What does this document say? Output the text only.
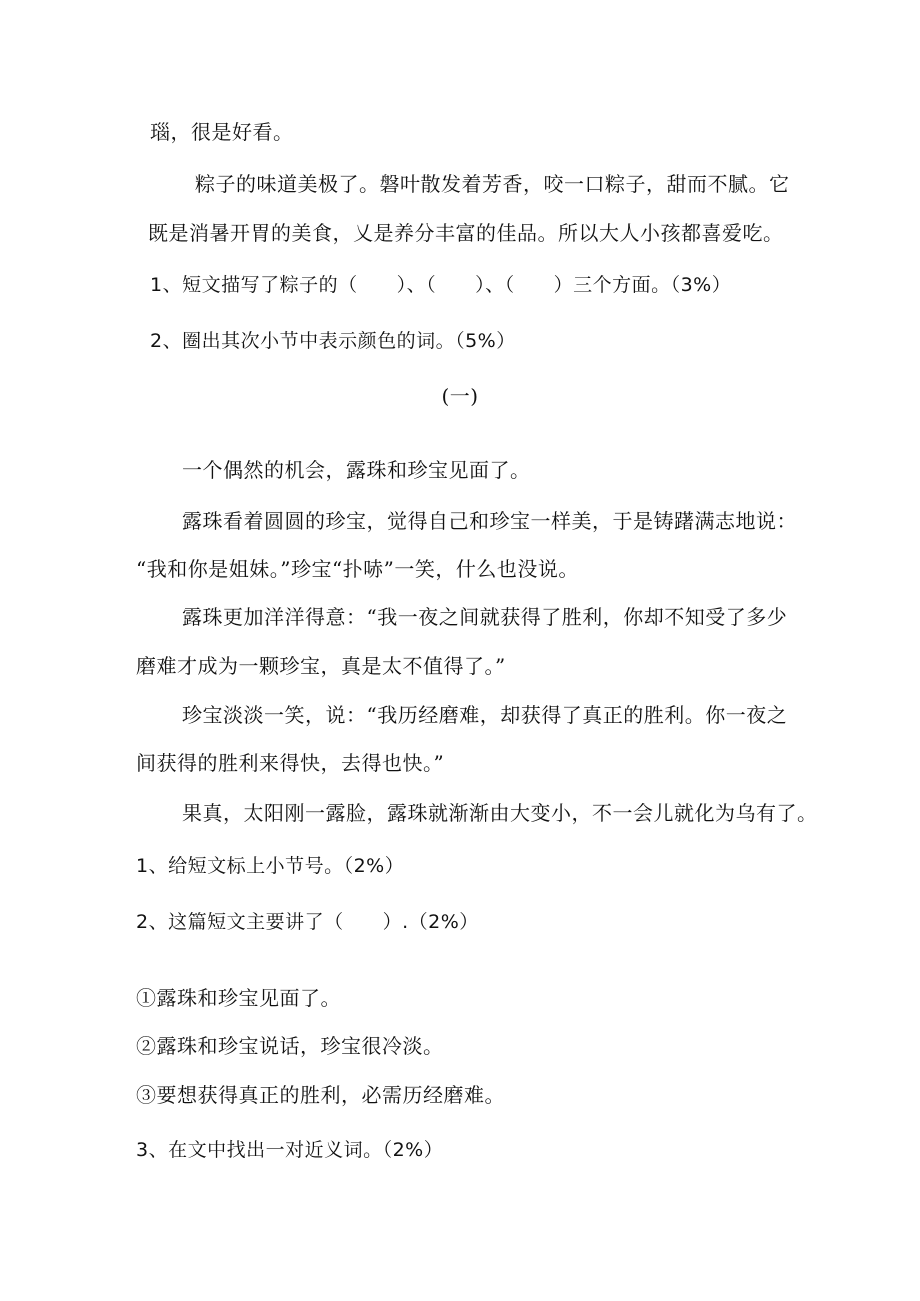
瑙，很是好看。
粽子的味道美极了。磐叶散发着芳香，咬一口粽子，甜而不腻。它
既是消暑开胃的美食，乂是养分丰富的佳品。所以大人小孩都喜爱吃。
1、短文描写了粽子的（　　）、（　　）、（　　）三个方面。（3%）
2、圈出其次小节中表示颜色的词。（5%）
(一)
一个偶然的机会，露珠和珍宝见面了。
露珠看着圆圆的珍宝，觉得自己和珍宝一样美，于是铸躇满志地说：
“我和你是姐妹。”珍宝“扑哧”一笑，什么也没说。
露珠更加洋洋得意：“我一夜之间就获得了胜利，你却不知受了多少
磨难才成为一颗珍宝，真是太不值得了。”
珍宝淡淡一笑，说：“我历经磨难，却获得了真正的胜利。你一夜之
间获得的胜利来得快，去得也快。”
果真，太阳刚一露脸，露珠就渐渐由大变小，不一会儿就化为乌有了。
1、给短文标上小节号。（2%）
2、这篇短文主要讲了（　　）.（2%）
①露珠和珍宝见面了。
②露珠和珍宝说话，珍宝很冷淡。
③要想获得真正的胜利，必需历经磨难。
3、在文中找出一对近义词。（2%）
